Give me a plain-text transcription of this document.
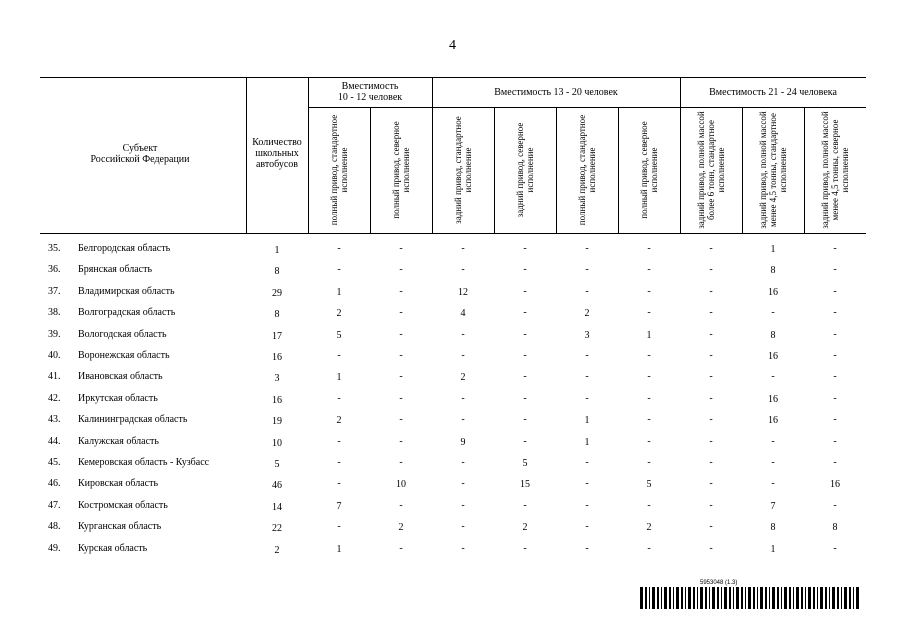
4
Субъект
Российской Федерации
Количество
школьных
автобусов
Вместимость
10 - 12 человек	Вместимость 13 - 20 человек	Вместимость 21 - 24 человека
полный привод, стандартное исполнение	полный привод, северное исполнение	задний привод, стандартное исполнение	задний привод, северное исполнение	полный привод, стандартное исполнение	полный привод, северное исполнение	задний привод, полной массой более 6 тонн, стандартное исполнение	задний привод, полной массой менее 4,5 тонны, стандартное исполнение	задний привод, полной массой менее 4,5 тонны, северное исполнение
35. Белгородская область	1	-	-	-	-	-	-	-	1	-
36. Брянская область	8	-	-	-	-	-	-	-	8	-
37. Владимирская область	29	1	-	12	-	-	-	-	16	-
38. Волгоградская область	8	2	-	4	-	2	-	-	-	-
39. Вологодская область	17	5	-	-	-	3	1	-	8	-
40. Воронежская область	16	-	-	-	-	-	-	-	16	-
41. Ивановская область	3	1	-	2	-	-	-	-	-	-
42. Иркутская область	16	-	-	-	-	-	-	-	16	-
43. Калининградская область	19	2	-	-	-	1	-	-	16	-
44. Калужская область	10	-	-	9	-	1	-	-	-	-
45. Кемеровская область - Кузбасс	5	-	-	-	5	-	-	-	-	-
46. Кировская область	46	-	10	-	15	-	5	-	-	16
47. Костромская область	14	7	-	-	-	-	-	-	7	-
48. Курганская область	22	-	2	-	2	-	2	-	8	8
49. Курская область	2	1	-	-	-	-	-	-	1	-
5953048 (1.3)
